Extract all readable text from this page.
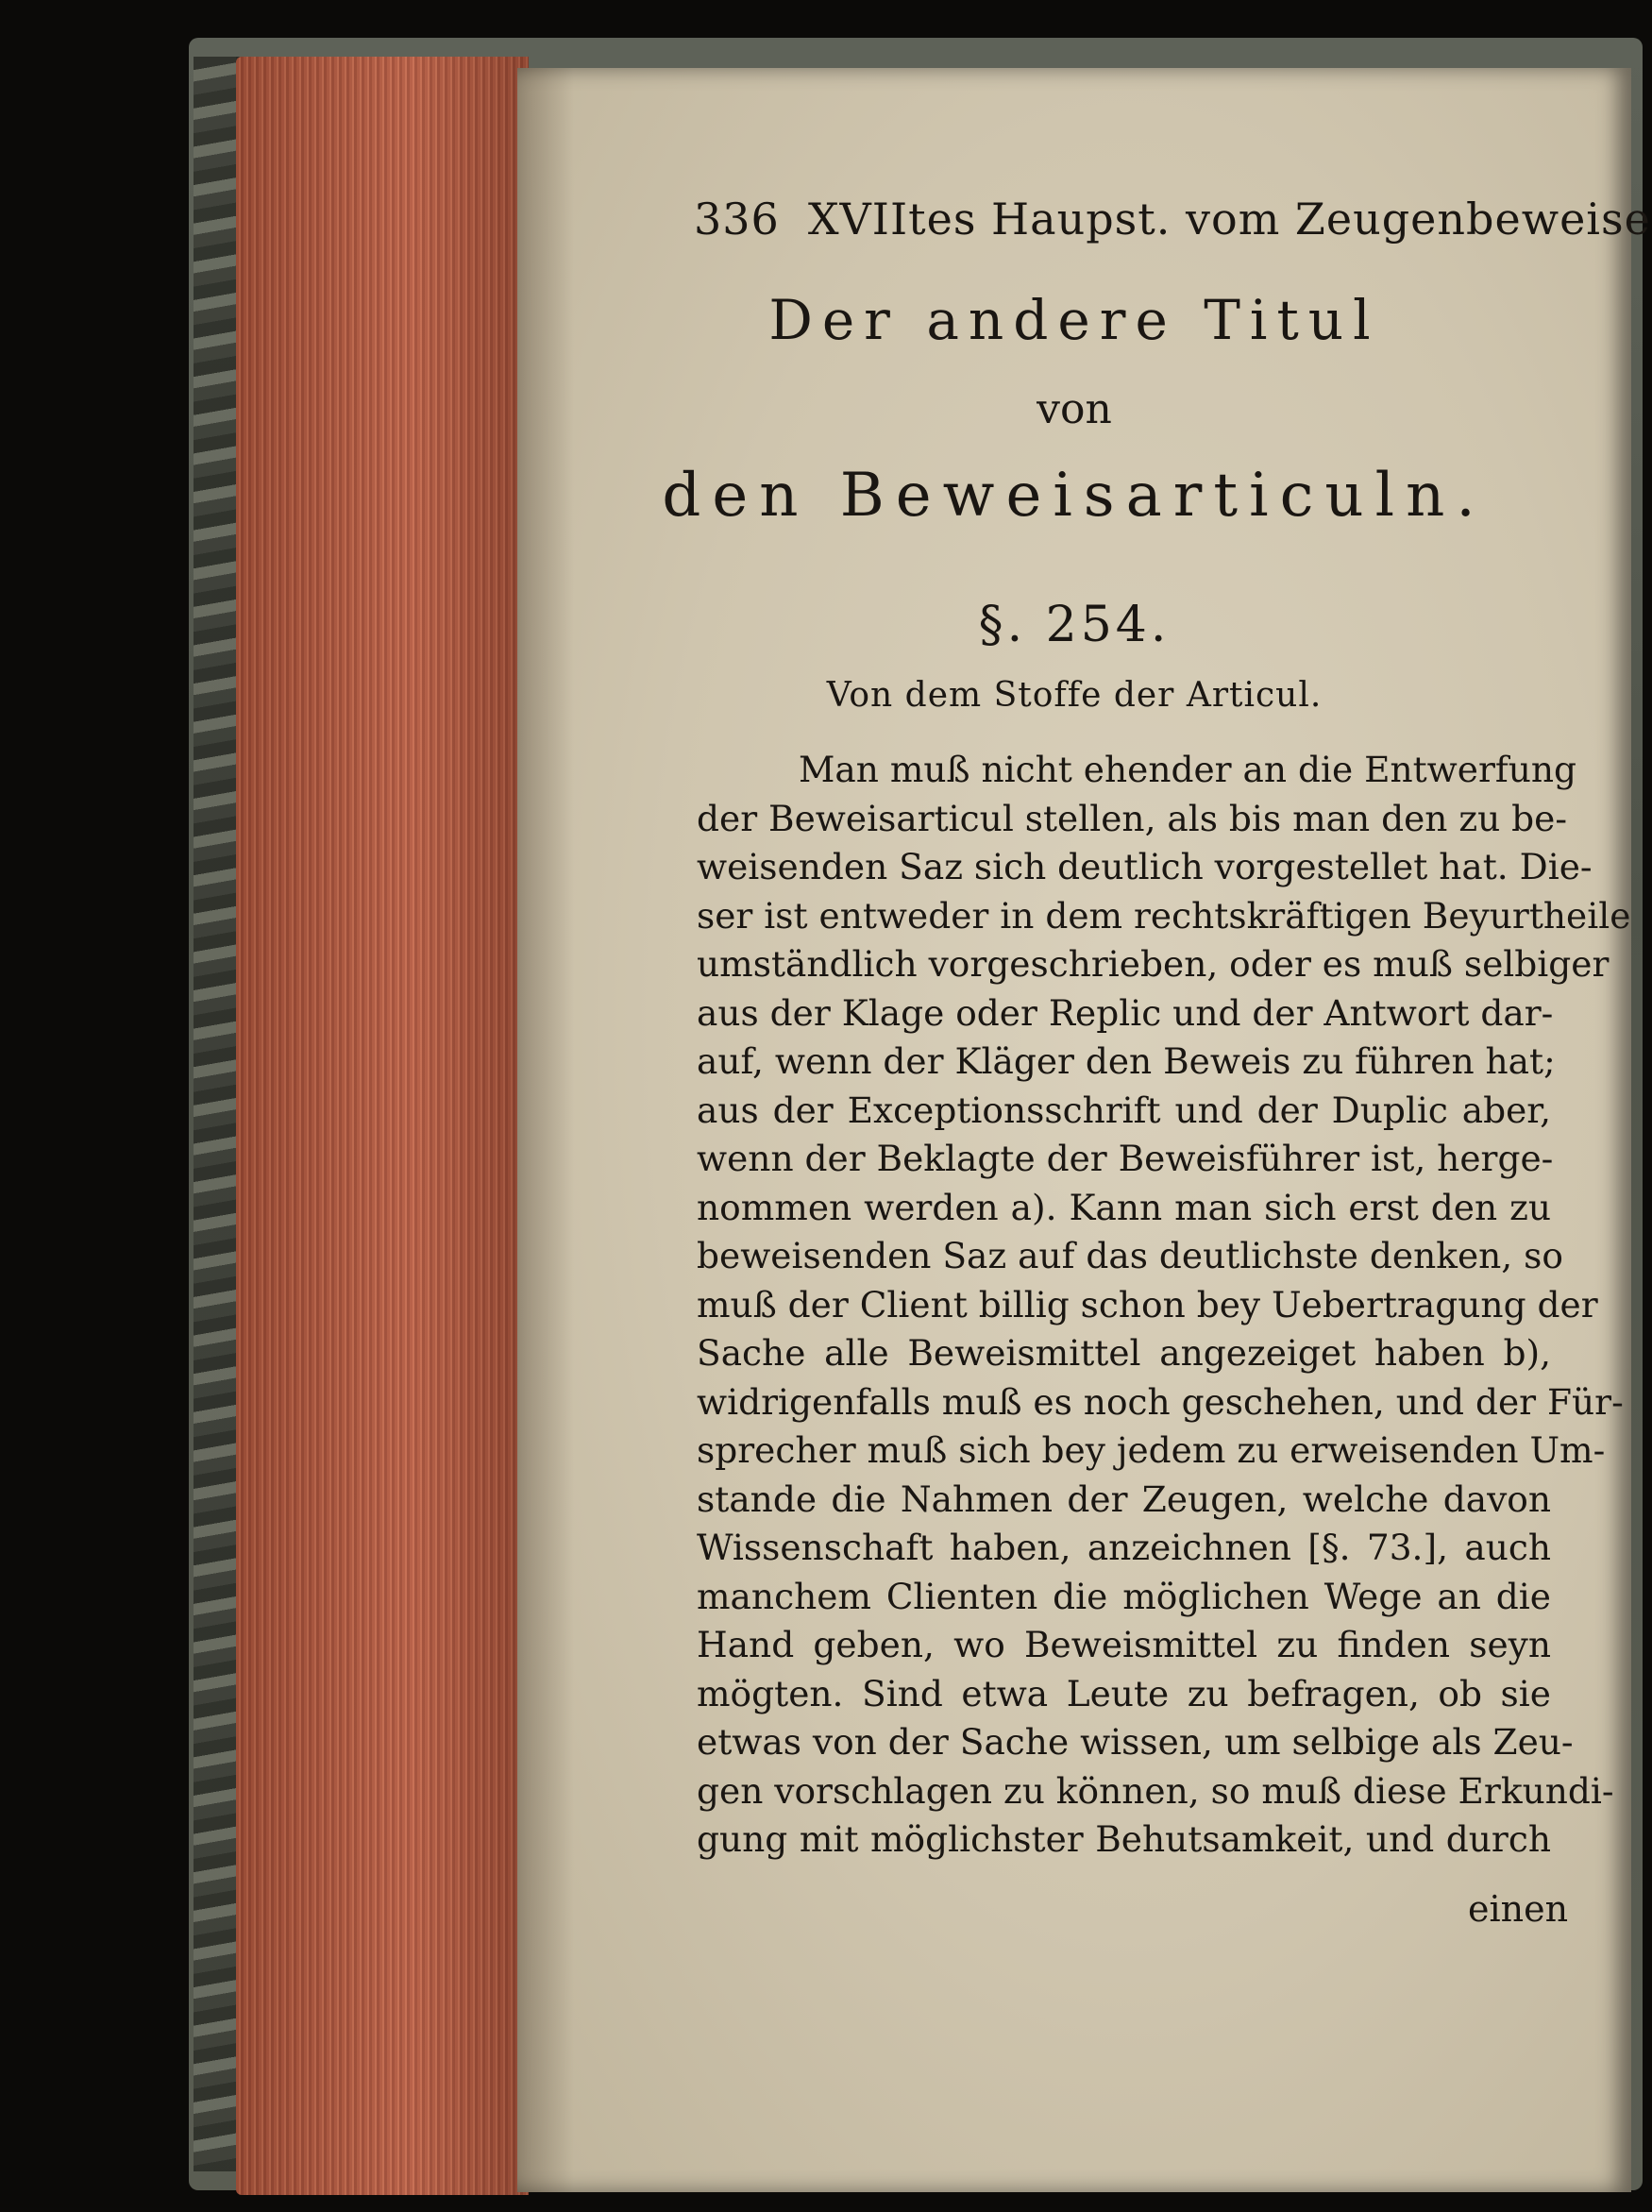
336 XVIItes Haupst. vom Zeugenbeweise
Der andere Titul
von
den Beweisarticuln.
§. 254.
Von dem Stoffe der Articul.
Man muß nicht ehender an die Entwerfung
der Beweisarticul stellen, als bis man den zu be-
weisenden Saz sich deutlich vorgestellet hat. Die-
ser ist entweder in dem rechtskräftigen Beyurtheile
umständlich vorgeschrieben, oder es muß selbiger
aus der Klage oder Replic und der Antwort dar-
auf, wenn der Kläger den Beweis zu führen hat;
aus der Exceptionsschrift und der Duplic aber,
wenn der Beklagte der Beweisführer ist, herge-
nommen werden a). Kann man sich erst den zu
beweisenden Saz auf das deutlichste denken, so
muß der Client billig schon bey Uebertragung der
Sache alle Beweismittel angezeiget haben b),
widrigenfalls muß es noch geschehen, und der Für-
sprecher muß sich bey jedem zu erweisenden Um-
stande die Nahmen der Zeugen, welche davon
Wissenschaft haben, anzeichnen [§. 73.], auch
manchem Clienten die möglichen Wege an die
Hand geben, wo Beweismittel zu finden seyn
mögten. Sind etwa Leute zu befragen, ob sie
etwas von der Sache wissen, um selbige als Zeu-
gen vorschlagen zu können, so muß diese Erkundi-
gung mit möglichster Behutsamkeit, und durch
einen
